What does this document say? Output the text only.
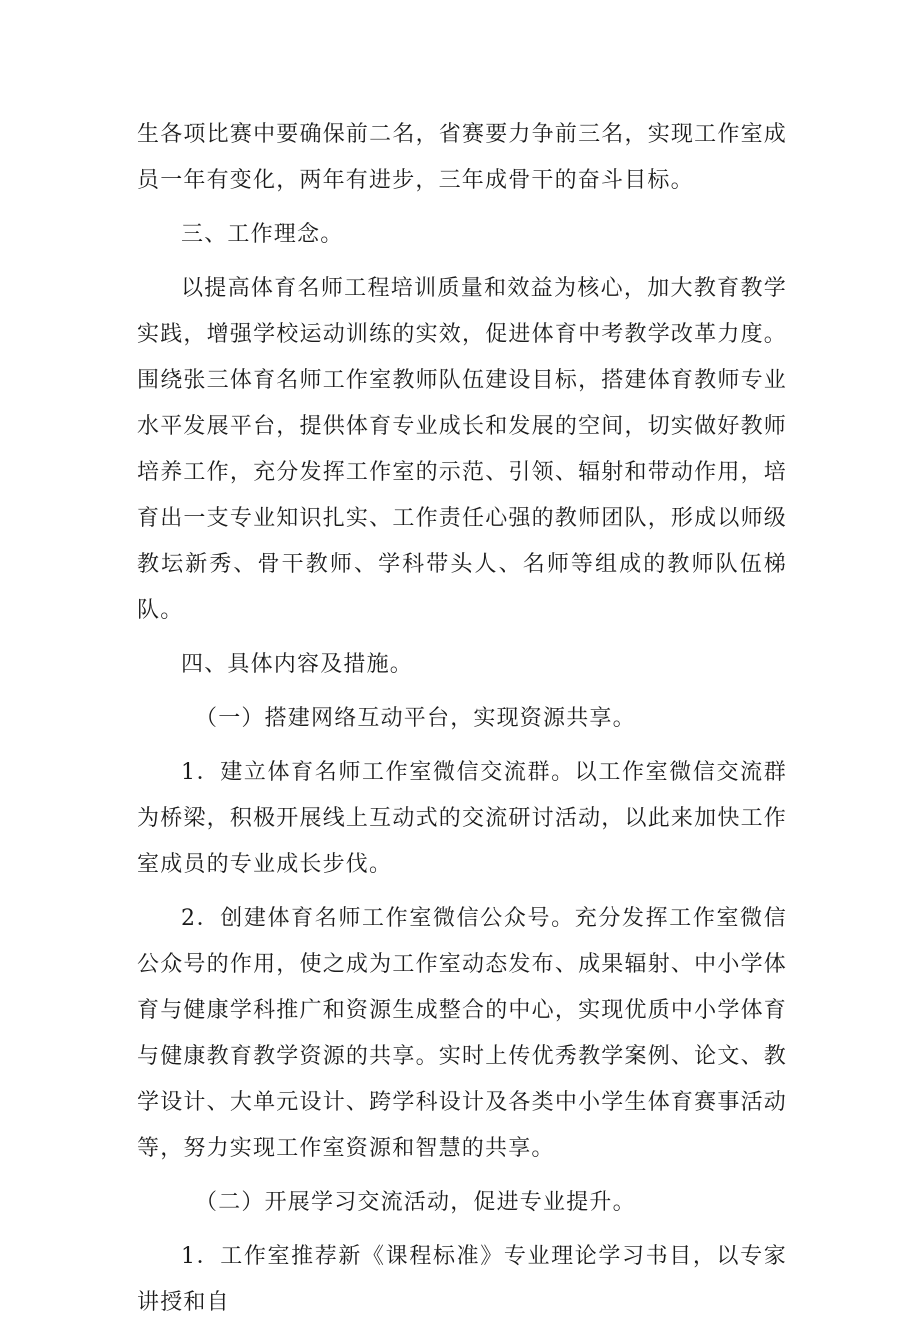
生各项比赛中要确保前二名，省赛要力争前三名，实现工作室成员一年有变化，两年有进步，三年成骨干的奋斗目标。

三、工作理念。

以提高体育名师工程培训质量和效益为核心，加大教育教学实践，增强学校运动训练的实效，促进体育中考教学改革力度。围绕张三体育名师工作室教师队伍建设目标，搭建体育教师专业水平发展平台，提供体育专业成长和发展的空间，切实做好教师培养工作，充分发挥工作室的示范、引领、辐射和带动作用，培育出一支专业知识扎实、工作责任心强的教师团队，形成以师级教坛新秀、骨干教师、学科带头人、名师等组成的教师队伍梯队。

四、具体内容及措施。

（一）搭建网络互动平台，实现资源共享。

1．建立体育名师工作室微信交流群。以工作室微信交流群为桥梁，积极开展线上互动式的交流研讨活动，以此来加快工作室成员的专业成长步伐。

2．创建体育名师工作室微信公众号。充分发挥工作室微信公众号的作用，使之成为工作室动态发布、成果辐射、中小学体育与健康学科推广和资源生成整合的中心，实现优质中小学体育与健康教育教学资源的共享。实时上传优秀教学案例、论文、教学设计、大单元设计、跨学科设计及各类中小学生体育赛事活动等，努力实现工作室资源和智慧的共享。

（二）开展学习交流活动，促进专业提升。

1．工作室推荐新《课程标准》专业理论学习书目，以专家讲授和自
